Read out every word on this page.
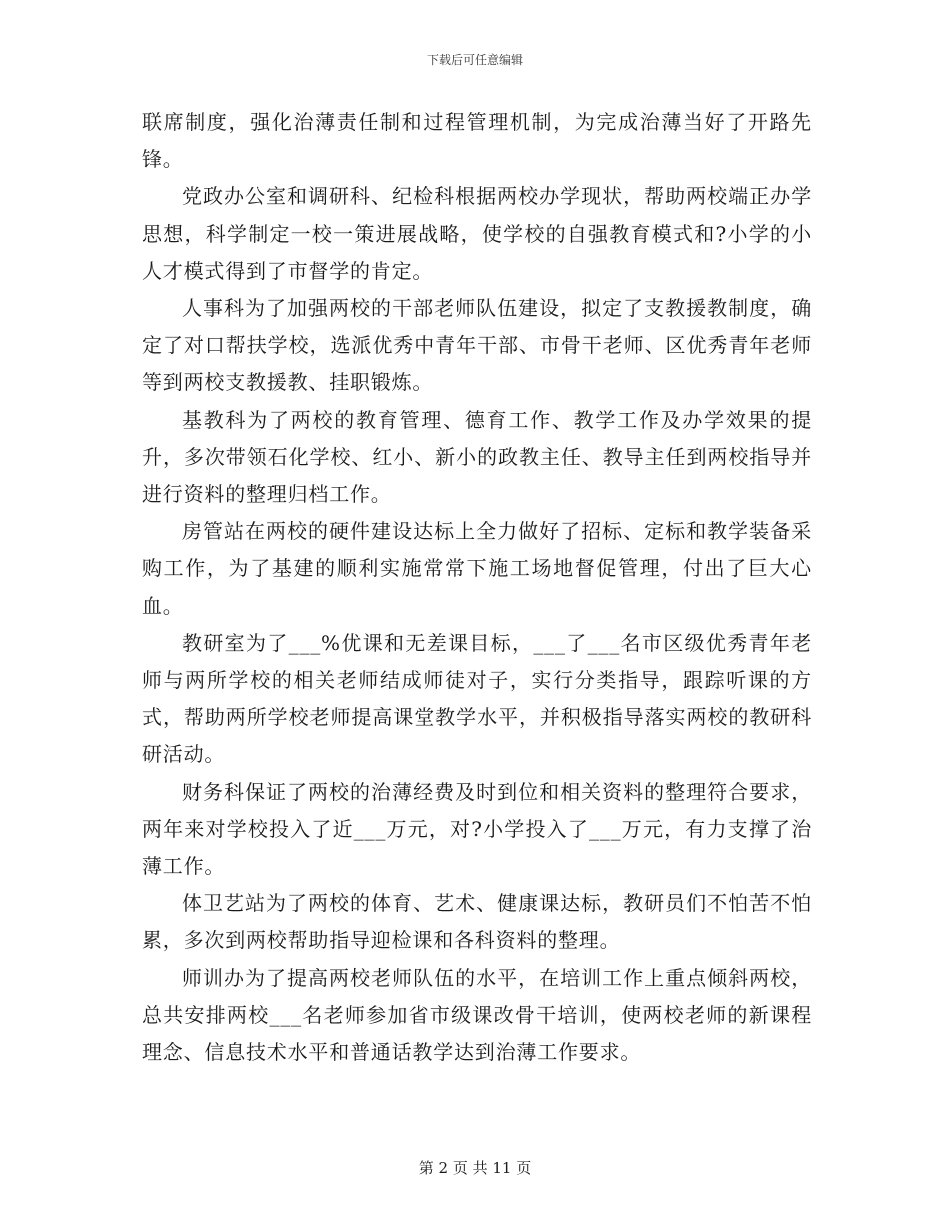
下载后可任意编辑

联席制度，强化治薄责任制和过程管理机制，为完成治薄当好了开路先锋。

党政办公室和调研科、纪检科根据两校办学现状，帮助两校端正办学思想，科学制定一校一策进展战略，使学校的自强教育模式和?小学的小人才模式得到了市督学的肯定。

人事科为了加强两校的干部老师队伍建设，拟定了支教援教制度，确定了对口帮扶学校，选派优秀中青年干部、市骨干老师、区优秀青年老师等到两校支教援教、挂职锻炼。

基教科为了两校的教育管理、德育工作、教学工作及办学效果的提升，多次带领石化学校、红小、新小的政教主任、教导主任到两校指导并进行资料的整理归档工作。

房管站在两校的硬件建设达标上全力做好了招标、定标和教学装备采购工作，为了基建的顺利实施常常下施工场地督促管理，付出了巨大心血。

教研室为了___%优课和无差课目标，___了___名市区级优秀青年老师与两所学校的相关老师结成师徒对子，实行分类指导，跟踪听课的方式，帮助两所学校老师提高课堂教学水平，并积极指导落实两校的教研科研活动。

财务科保证了两校的治薄经费及时到位和相关资料的整理符合要求，两年来对学校投入了近___万元，对?小学投入了___万元，有力支撑了治薄工作。

体卫艺站为了两校的体育、艺术、健康课达标，教研员们不怕苦不怕累，多次到两校帮助指导迎检课和各科资料的整理。

师训办为了提高两校老师队伍的水平，在培训工作上重点倾斜两校，总共安排两校___名老师参加省市级课改骨干培训，使两校老师的新课程理念、信息技术水平和普通话教学达到治薄工作要求。

第 2 页 共 11 页
